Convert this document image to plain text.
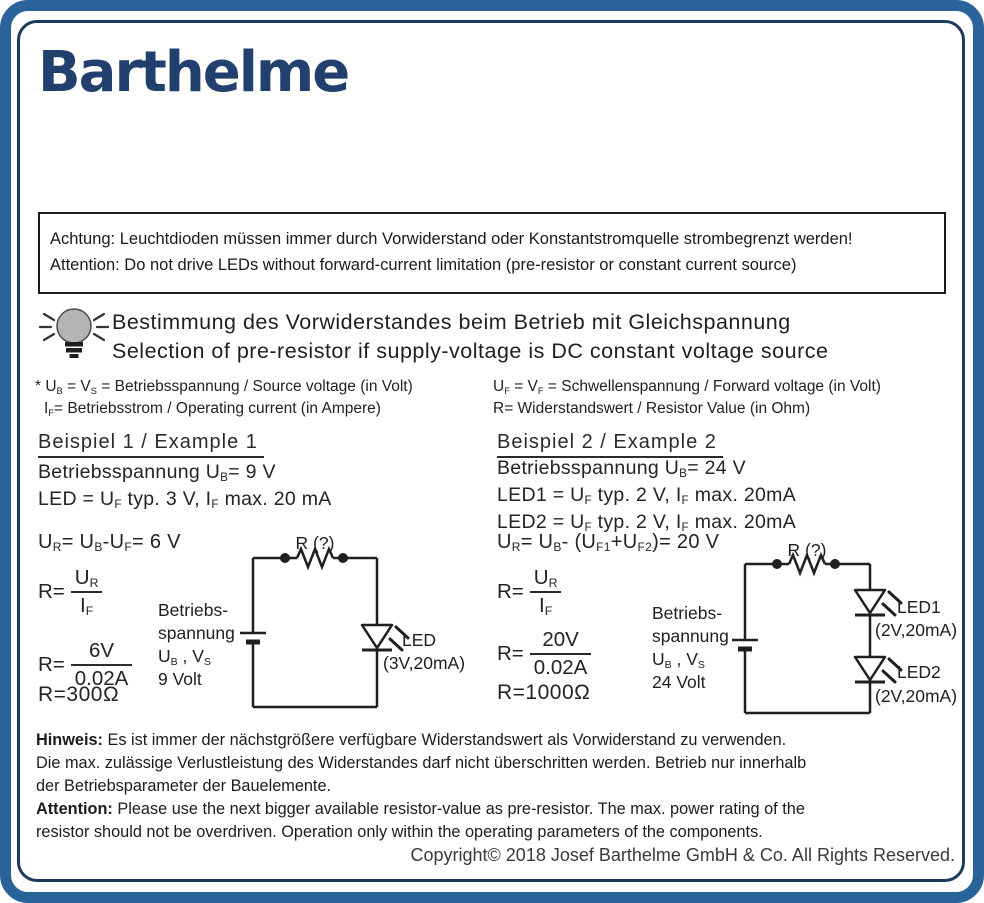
Barthelme
Achtung: Leuchtdioden müssen immer durch Vorwiderstand oder Konstantstromquelle strombegrenzt werden!
Attention: Do not drive LEDs without forward-current limitation (pre-resistor or constant current source)
Bestimmung des Vorwiderstandes beim Betrieb mit Gleichspannung
Selection of pre-resistor if supply-voltage is DC constant voltage source
* $U_B = V_S$ = Betriebsspannung / Source voltage (in Volt)
$I_F=$ Betriebsstrom / Operating current (in Ampere)
$U_F = V_F$ = Schwellenspannung / Forward voltage (in Volt)
R= Widerstandswert / Resistor Value (in Ohm)
Beispiel 1 / Example 1
Betriebsspannung $U_B= 9$ V
LED = $U_F$ typ. 3 V, $I_F$ max. 20 mA
$U_R= U_B-U_F= 6$ V
$R= \frac{U_R}{I_F}$
$R= \frac{6V}{0.02A}$
R=300Ω
R (?)
Betriebs-
spannung
$U_B$ , $V_S$
9 Volt
LED
(3V,20mA)
Beispiel 2 / Example 2
Betriebsspannung $U_B= 24$ V
$LED1 = U_F$ typ. 2 V, $I_F$ max. 20mA
$LED2 = U_F$ typ. 2 V, $I_F$ max. 20mA
$U_R= U_B-$ $(U_{F1}+U_{F2})= 20$ V
$R= \frac{U_R}{I_F}$
$R= \frac{20V}{0.02A}$
R=1000Ω
R (?)
Betriebs-
spannung
$U_B$ , $V_S$
24 Volt
LED1
(2V,20mA)
LED2
(2V,20mA)
Hinweis: Es ist immer der nächstgrößere verfügbare Widerstandswert als Vorwiderstand zu verwenden.
Die max. zulässige Verlustleistung des Widerstandes darf nicht überschritten werden. Betrieb nur innerhalb
der Betriebsparameter der Bauelemente.
Attention: Please use the next bigger available resistor-value as pre-resistor. The max. power rating of the
resistor should not be overdriven. Operation only within the operating parameters of the components.
Copyright© 2018 Josef Barthelme GmbH & Co. All Rights Reserved.
